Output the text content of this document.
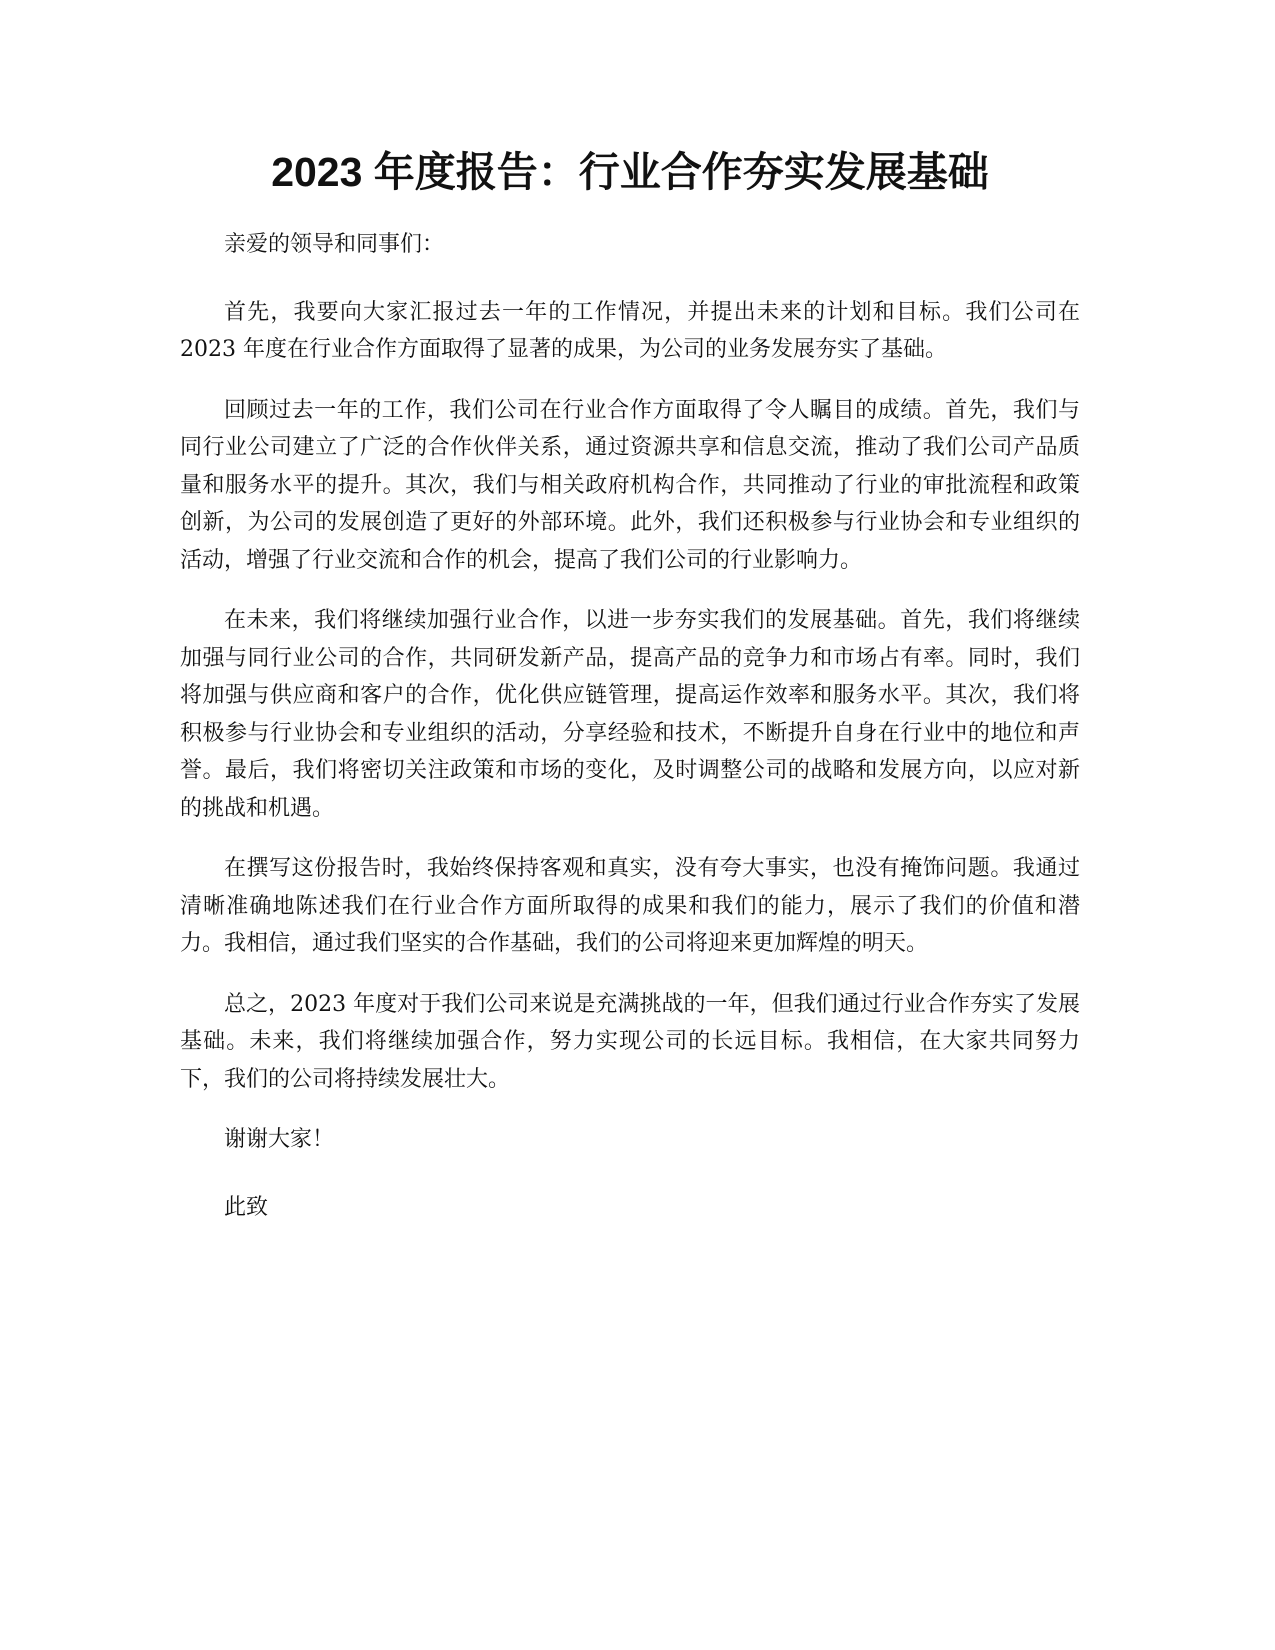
2023 年度报告：行业合作夯实发展基础

亲爱的领导和同事们：

首先，我要向大家汇报过去一年的工作情况，并提出未来的计划和目标。我们公司在 2023 年度在行业合作方面取得了显著的成果，为公司的业务发展夯实了基础。

回顾过去一年的工作，我们公司在行业合作方面取得了令人瞩目的成绩。首先，我们与同行业公司建立了广泛的合作伙伴关系，通过资源共享和信息交流，推动了我们公司产品质量和服务水平的提升。其次，我们与相关政府机构合作，共同推动了行业的审批流程和政策创新，为公司的发展创造了更好的外部环境。此外，我们还积极参与行业协会和专业组织的活动，增强了行业交流和合作的机会，提高了我们公司的行业影响力。

在未来，我们将继续加强行业合作，以进一步夯实我们的发展基础。首先，我们将继续加强与同行业公司的合作，共同研发新产品，提高产品的竞争力和市场占有率。同时，我们将加强与供应商和客户的合作，优化供应链管理，提高运作效率和服务水平。其次，我们将积极参与行业协会和专业组织的活动，分享经验和技术，不断提升自身在行业中的地位和声誉。最后，我们将密切关注政策和市场的变化，及时调整公司的战略和发展方向，以应对新的挑战和机遇。

在撰写这份报告时，我始终保持客观和真实，没有夸大事实，也没有掩饰问题。我通过清晰准确地陈述我们在行业合作方面所取得的成果和我们的能力，展示了我们的价值和潜力。我相信，通过我们坚实的合作基础，我们的公司将迎来更加辉煌的明天。

总之，2023 年度对于我们公司来说是充满挑战的一年，但我们通过行业合作夯实了发展基础。未来，我们将继续加强合作，努力实现公司的长远目标。我相信，在大家共同努力下，我们的公司将持续发展壮大。

谢谢大家！

此致
